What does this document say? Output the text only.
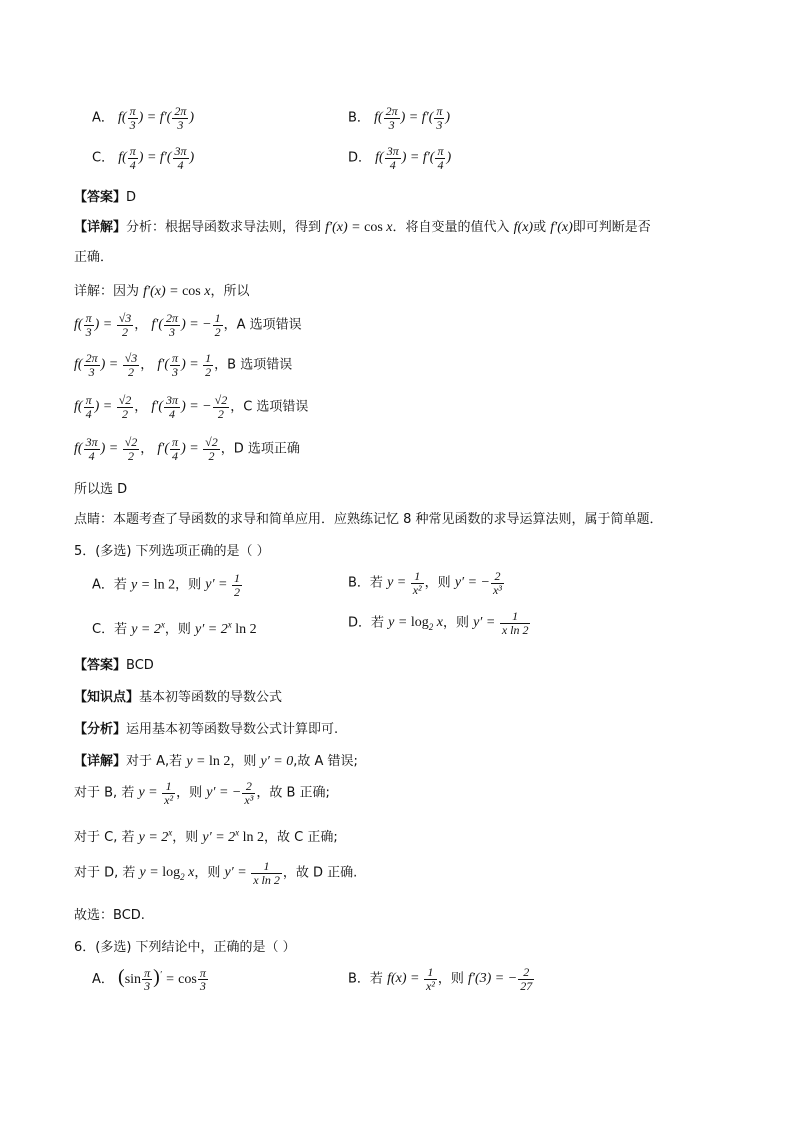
A． $f( \frac{\pi}{3}$ ) = $f'( \frac{2\pi}{3}$ )	B． $f( \frac{2\pi}{3}$ ) = $f'( \frac{\pi}{3}$ )
C． $f( \frac{\pi}{4}$ ) = $f'( \frac{3\pi}{4}$ )	D． $f( \frac{3\pi}{4}$ ) = $f'( \frac{\pi}{4}$ )
【答案】D
【详解】分析：根据导函数求导法则，得到 f′(x) = cos x．将自变量的值代入 f(x)或 f′(x)即可判断是否
正确．
详解：因为 f′(x) = cos x，所以
$f( \frac{\pi}{3}$ ) = $\frac{√3}{2}$ ， $f'( \frac{2\pi}{3}$ ) = − $\frac{1}{2}$ ，A 选项错误
$f( \frac{2\pi}{3}$ ) = $\frac{√3}{2}$ ， $f'( \frac{\pi}{3}$ ) = $\frac{1}{2}$ ，B 选项错误
$f( \frac{\pi}{4}$ ) = $\frac{√2}{2}$ ， $f'( \frac{3\pi}{4}$ ) = − $\frac{√2}{2}$ ，C 选项错误
$f( \frac{3\pi}{4}$ ) = $\frac{√2}{2}$ ， $f'( \frac{\pi}{4}$ ) = $\frac{√2}{2}$ ，D 选项正确
所以选 D
点睛：本题考查了导函数的求导和简单应用．应熟练记忆 8 种常见函数的求导运算法则，属于简单题．
5．(多选) 下列选项正确的是（ ）
A．若 y = ln 2，则 $y' = \frac{1}{2}$	B．若 $y = \frac{1}{\text{x²}}$ ，则 y′ = − $\frac{2}{\text{x³}}$
C．若 $y = 2^x$，则 $y' = 2^x$ ln 2	D．若 $y = \log_2 x$，则 $y' = \frac{1}{\text{x ln 2}}$
【答案】BCD
【知识点】基本初等函数的导数公式
【分析】运用基本初等函数导数公式计算即可.
【详解】对于 A,若 y = ln 2，则 y′ = 0,故 A 错误;
对于 B, 若 $y = \frac{1}{\text{x²}}$ ，则 y′ = − $\frac{2}{\text{x³}}$ ，故 B 正确;
对于 C, 若 $y = 2^x$，则 $y' = 2^x$ ln 2，故 C 正确;
对于 D, 若 $y = \log_2 x$，则 $y' = \frac{1}{\text{x ln 2}}$ ，故 D 正确.
故选：BCD.
6．(多选) 下列结论中，正确的是（ ）
A． $(\sin \frac{\pi}{3} )' = \cos \frac{\pi}{3}$	B．若 $f(x) = \frac{1}{\text{x²}}$ ，则 f′(3) = − $\frac{2}{27}$
